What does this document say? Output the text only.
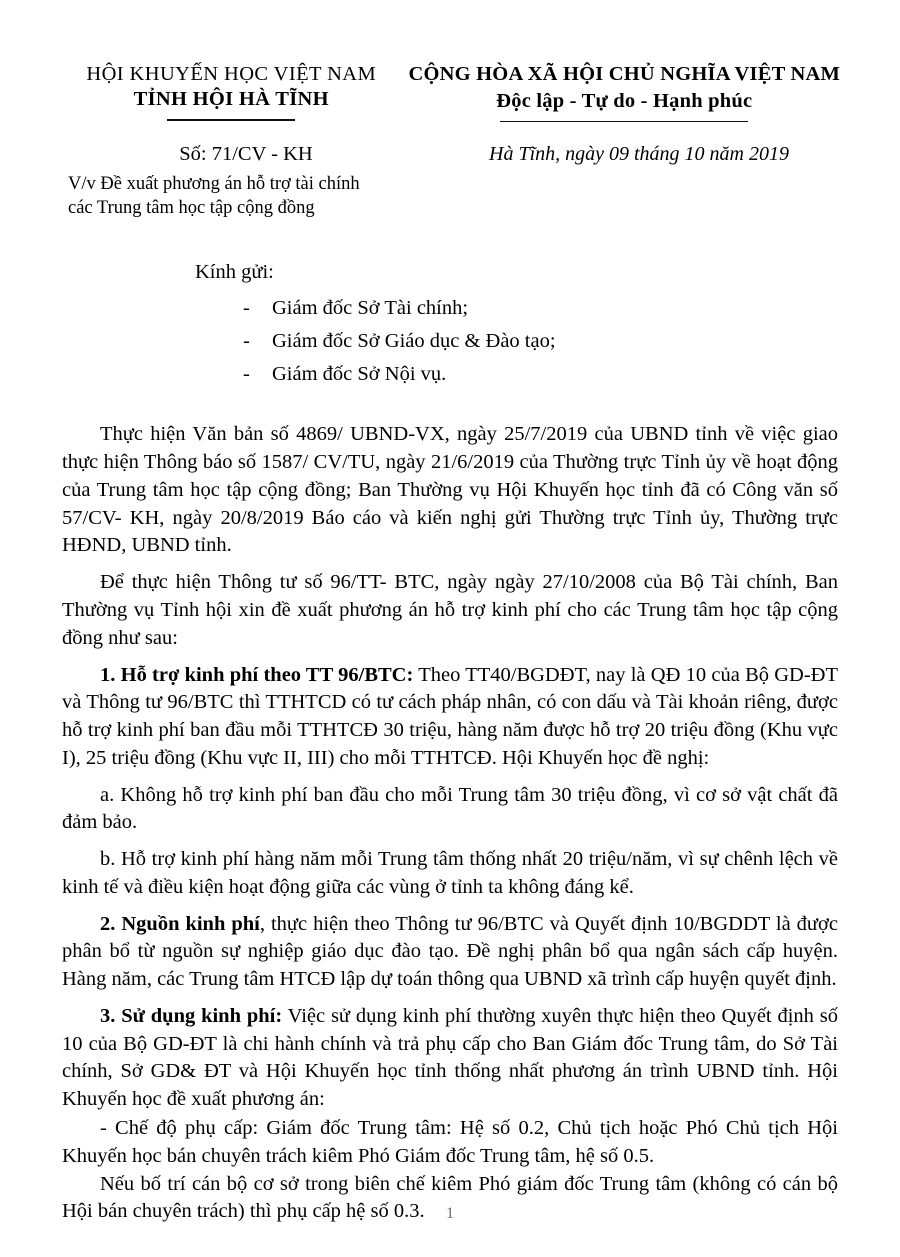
HỘI KHUYẾN HỌC VIỆT NAM
TỈNH HỘI HÀ TĨNH
CỘNG HÒA XÃ HỘI CHỦ NGHĨA VIỆT NAM
Độc lập - Tự do - Hạnh phúc
Số: 71/CV - KH
V/v Đề xuất phương án hỗ trợ tài chính
các Trung tâm học tập cộng đồng
Hà Tĩnh, ngày 09 tháng 10 năm 2019
Kính gửi:
- Giám đốc Sở Tài chính;
- Giám đốc Sở Giáo dục & Đào tạo;
- Giám đốc Sở Nội vụ.

Thực hiện Văn bản số 4869/ UBND-VX, ngày 25/7/2019 của UBND tỉnh về việc giao thực hiện Thông báo số 1587/ CV/TU, ngày 21/6/2019 của Thường trực Tỉnh ủy về hoạt động của Trung tâm học tập cộng đồng; Ban Thường vụ Hội Khuyến học tỉnh đã có Công văn số 57/CV- KH, ngày 20/8/2019 Báo cáo và kiến nghị gửi Thường trực Tỉnh ủy, Thường trực HĐND, UBND tỉnh.

Để thực hiện Thông tư số 96/TT- BTC, ngày ngày 27/10/2008 của Bộ Tài chính, Ban Thường vụ Tỉnh hội xin đề xuất phương án hỗ trợ kinh phí cho các Trung tâm học tập cộng đồng như sau:

1. Hỗ trợ kinh phí theo TT 96/BTC: Theo TT40/BGDĐT, nay là QĐ 10 của Bộ GD-ĐT và Thông tư 96/BTC thì TTHTCD có tư cách pháp nhân, có con dấu và Tài khoản riêng, được hỗ trợ kinh phí ban đầu mỗi TTHTCĐ 30 triệu, hàng năm được hỗ trợ 20 triệu đồng (Khu vực I), 25 triệu đồng (Khu vực II, III) cho mỗi TTHTCĐ. Hội Khuyến học đề nghị:

a. Không hỗ trợ kinh phí ban đầu cho mỗi Trung tâm 30 triệu đồng, vì cơ sở vật chất đã đảm bảo.

b. Hỗ trợ kinh phí hàng năm mỗi Trung tâm thống nhất 20 triệu/năm, vì sự chênh lệch về kinh tế và điều kiện hoạt động giữa các vùng ở tỉnh ta không đáng kể.

2. Nguồn kinh phí, thực hiện theo Thông tư 96/BTC và Quyết định 10/BGDDT là được phân bổ từ nguồn sự nghiệp giáo dục đào tạo. Đề nghị phân bổ qua ngân sách cấp huyện. Hàng năm, các Trung tâm HTCĐ lập dự toán thông qua UBND xã trình cấp huyện quyết định.

3. Sử dụng kinh phí: Việc sử dụng kinh phí thường xuyên thực hiện theo Quyết định số 10 của Bộ GD-ĐT là chi hành chính và trả phụ cấp cho Ban Giám đốc Trung tâm, do Sở Tài chính, Sở GD& ĐT và Hội Khuyến học tỉnh thống nhất phương án trình UBND tỉnh. Hội Khuyến học đề xuất phương án:

- Chế độ phụ cấp: Giám đốc Trung tâm: Hệ số 0.2, Chủ tịch hoặc Phó Chủ tịch Hội Khuyến học bán chuyên trách kiêm Phó Giám đốc Trung tâm, hệ số 0.5.

Nếu bố trí cán bộ cơ sở trong biên chế kiêm Phó giám đốc Trung tâm (không có cán bộ Hội bán chuyên trách) thì phụ cấp hệ số 0.3.	1
